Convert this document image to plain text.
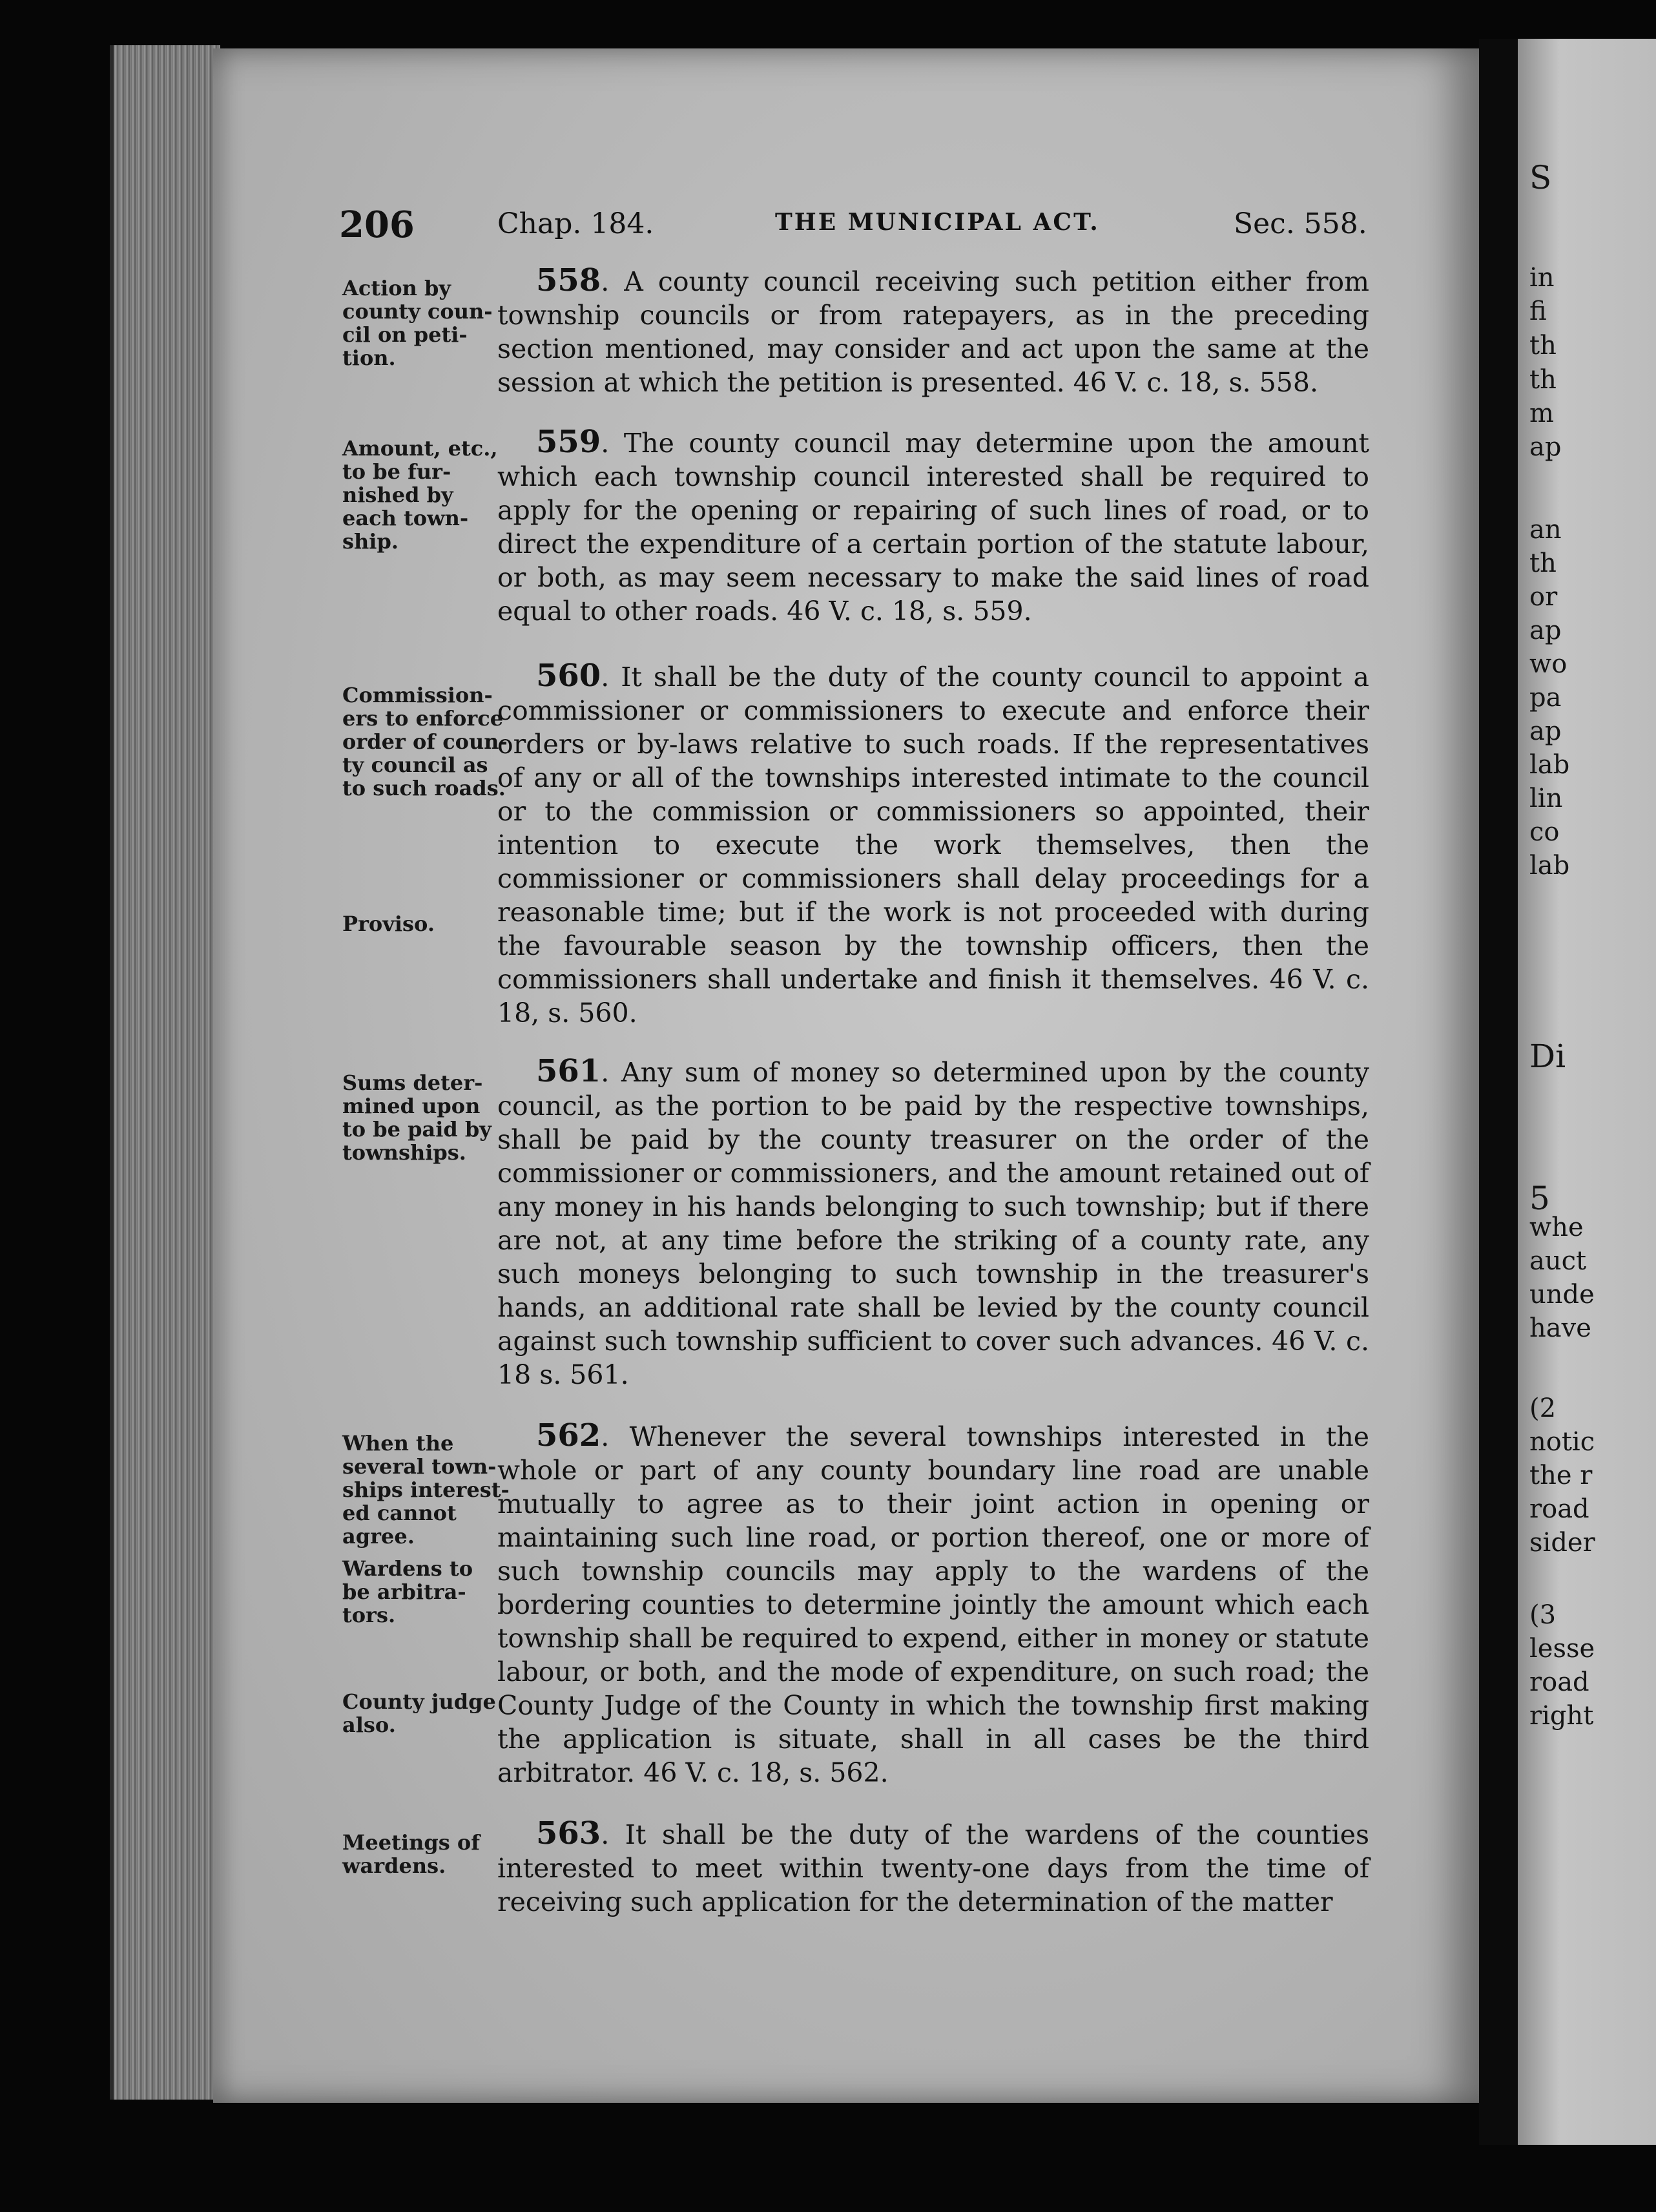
S
in
fi
th
th
m
ap
an
th
or
ap
wo
pa
ap
lab
lin
co
lab
Di
5
whe
auct
unde
have
(2
notic
the r
road
sider
(3
lesse
road
right
206	Chap. 184.	THE MUNICIPAL ACT.	Sec. 558.
Action by
county coun-
cil on peti-
tion.
558. A county council receiving such petition either from township councils or from ratepayers, as in the preceding section mentioned, may consider and act upon the same at the session at which the petition is presented. 46 V. c. 18, s. 558.
Amount, etc.,
to be fur-
nished by
each town-
ship.
559. The county council may determine upon the amount which each township council interested shall be required to apply for the opening or repairing of such lines of road, or to direct the expenditure of a certain portion of the statute labour, or both, as may seem necessary to make the said lines of road equal to other roads. 46 V. c. 18, s. 559.
Commission-
ers to enforce
order of coun-
ty council as
to such roads.
Proviso.
560. It shall be the duty of the county council to appoint a commissioner or commissioners to execute and enforce their orders or by-laws relative to such roads. If the representatives of any or all of the townships interested intimate to the council or to the commission or commissioners so appointed, their intention to execute the work themselves, then the commissioner or commissioners shall delay proceedings for a reasonable time; but if the work is not proceeded with during the favourable season by the township officers, then the commissioners shall undertake and finish it themselves. 46 V. c. 18, s. 560.
Sums deter-
mined upon
to be paid by
townships.
561. Any sum of money so determined upon by the county council, as the portion to be paid by the respective townships, shall be paid by the county treasurer on the order of the commissioner or commissioners, and the amount retained out of any money in his hands belonging to such township; but if there are not, at any time before the striking of a county rate, any such moneys belonging to such township in the treasurer's hands, an additional rate shall be levied by the county council against such township sufficient to cover such advances. 46 V. c. 18 s. 561.
When the
several town-
ships interest-
ed cannot
agree.
Wardens to
be arbitra-
tors.
County judge
also.
562. Whenever the several townships interested in the whole or part of any county boundary line road are unable mutually to agree as to their joint action in opening or maintaining such line road, or portion thereof, one or more of such township councils may apply to the wardens of the bordering counties to determine jointly the amount which each township shall be required to expend, either in money or statute labour, or both, and the mode of expenditure, on such road; the County Judge of the County in which the township first making the application is situate, shall in all cases be the third arbitrator. 46 V. c. 18, s. 562.
Meetings of
wardens.
563. It shall be the duty of the wardens of the counties interested to meet within twenty-one days from the time of receiving such application for the determination of the matter
